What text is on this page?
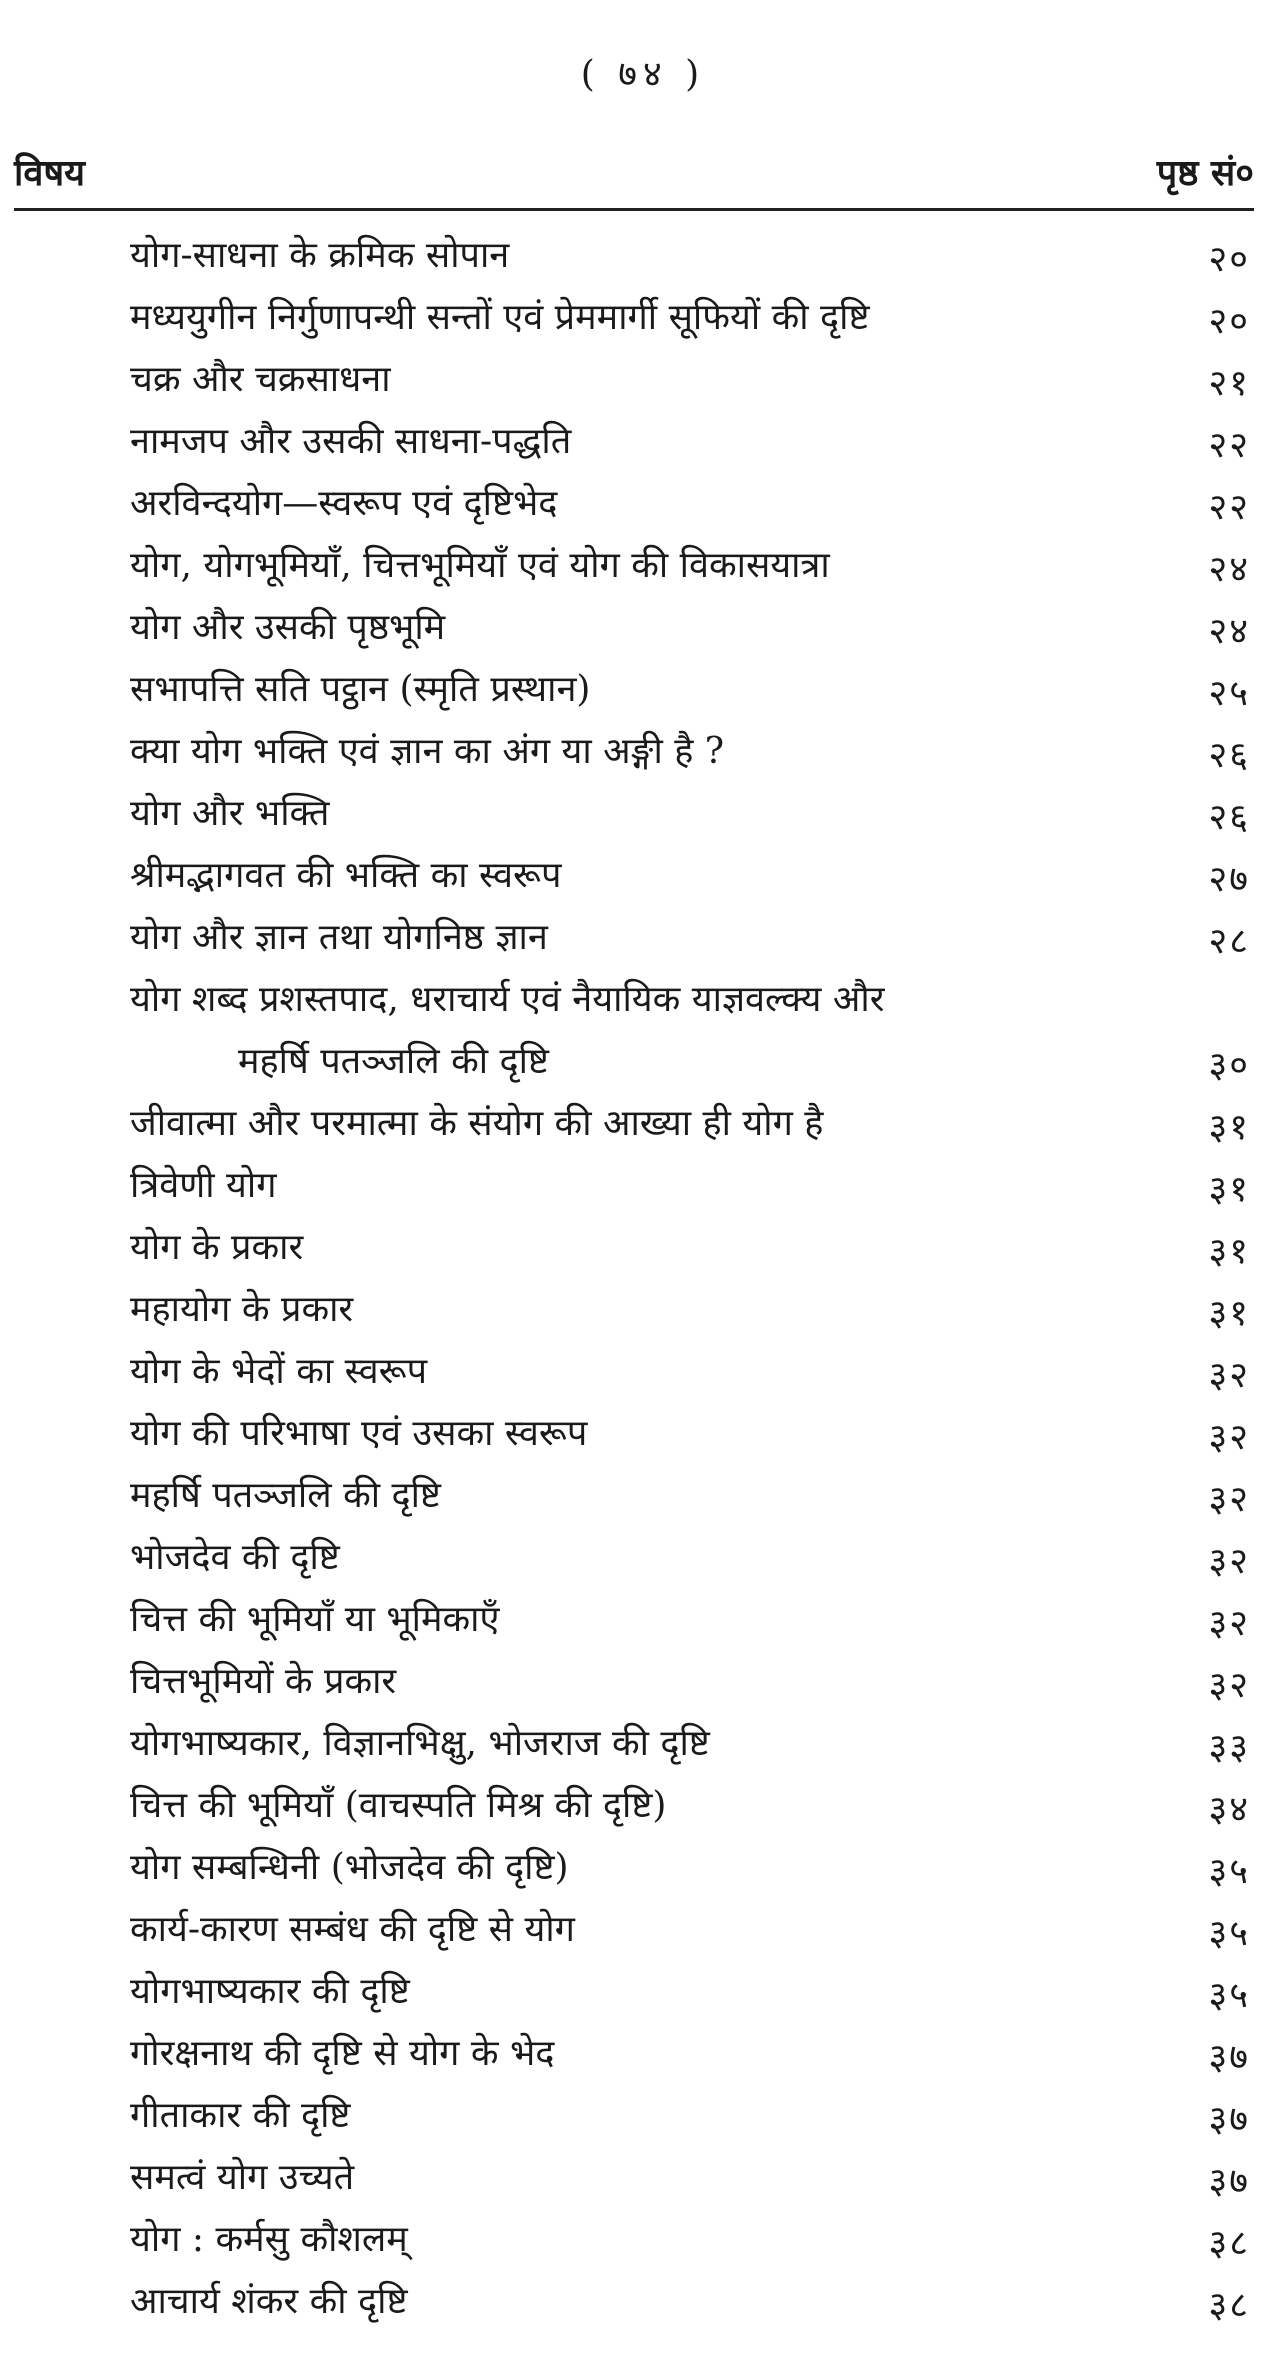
( ७४ )
विषय	पृष्ठ सं०
योग-साधना के क्रमिक सोपान	२०
मध्ययुगीन निर्गुणापन्थी सन्तों एवं प्रेममार्गी सूफियों की दृष्टि	२०
चक्र और चक्रसाधना	२१
नामजप और उसकी साधना-पद्धति	२२
अरविन्दयोग—स्वरूप एवं दृष्टिभेद	२२
योग, योगभूमियाँ, चित्तभूमियाँ एवं योग की विकासयात्रा	२४
योग और उसकी पृष्ठभूमि	२४
सभापत्ति सति पट्ठान (स्मृति प्रस्थान)	२५
क्या योग भक्ति एवं ज्ञान का अंग या अङ्गी है ?	२६
योग और भक्ति	२६
श्रीमद्भागवत की भक्ति का स्वरूप	२७
योग और ज्ञान तथा योगनिष्ठ ज्ञान	२८
योग शब्द प्रशस्तपाद, धराचार्य एवं नैयायिक याज्ञवल्क्य और
महर्षि पतञ्जलि की दृष्टि	३०
जीवात्मा और परमात्मा के संयोग की आख्या ही योग है	३१
त्रिवेणी योग	३१
योग के प्रकार	३१
महायोग के प्रकार	३१
योग के भेदों का स्वरूप	३२
योग की परिभाषा एवं उसका स्वरूप	३२
महर्षि पतञ्जलि की दृष्टि	३२
भोजदेव की दृष्टि	३२
चित्त की भूमियाँ या भूमिकाएँ	३२
चित्तभूमियों के प्रकार	३२
योगभाष्यकार, विज्ञानभिक्षु, भोजराज की दृष्टि	३३
चित्त की भूमियाँ (वाचस्पति मिश्र की दृष्टि)	३४
योग सम्बन्धिनी (भोजदेव की दृष्टि)	३५
कार्य-कारण सम्बंध की दृष्टि से योग	३५
योगभाष्यकार की दृष्टि	३५
गोरक्षनाथ की दृष्टि से योग के भेद	३७
गीताकार की दृष्टि	३७
समत्वं योग उच्यते	३७
योग : कर्मसु कौशलम्	३८
आचार्य शंकर की दृष्टि	३८
